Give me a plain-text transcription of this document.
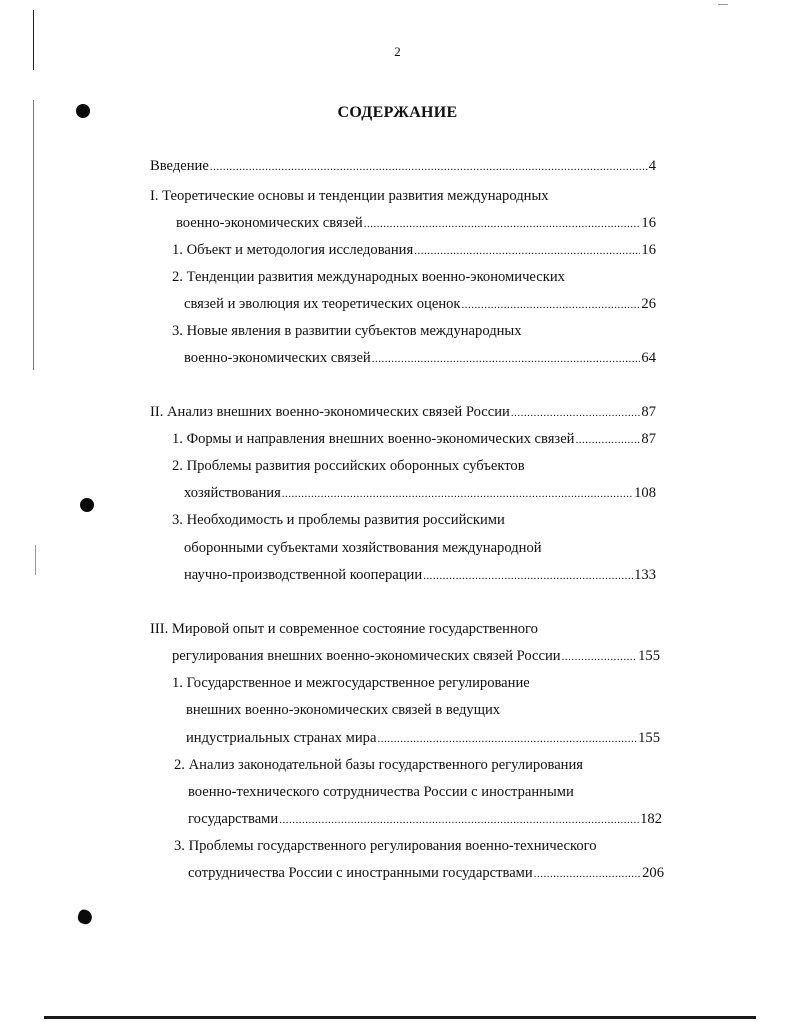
2
СОДЕРЖАНИЕ
Введение .....	4
I. Теоретические основы и тенденции развития международных
военно-экономических связей .....	16
1. Объект и методология исследования .....	16
2. Тенденции развития международных военно-экономических
связей и эволюция их теоретических оценок .....	26
3. Новые явления в развитии субъектов международных
военно-экономических связей .....	64
II. Анализ внешних военно-экономических связей России .....	87
1. Формы и направления внешних военно-экономических связей .....	87
2. Проблемы развития российских оборонных субъектов
хозяйствования .....	108
3. Необходимость и проблемы развития российскими
оборонными субъектами хозяйствования международной
научно-производственной кооперации .....	133
III. Мировой опыт и современное состояние государственного
регулирования внешних военно-экономических связей России .....	155
1. Государственное и межгосударственное регулирование
внешних военно-экономических связей в ведущих
индустриальных странах мира .....	155
2. Анализ законодательной базы государственного регулирования
военно-технического сотрудничества России с иностранными
государствами .....	182
3. Проблемы государственного регулирования военно-технического
сотрудничества России с иностранными государствами .....	206
